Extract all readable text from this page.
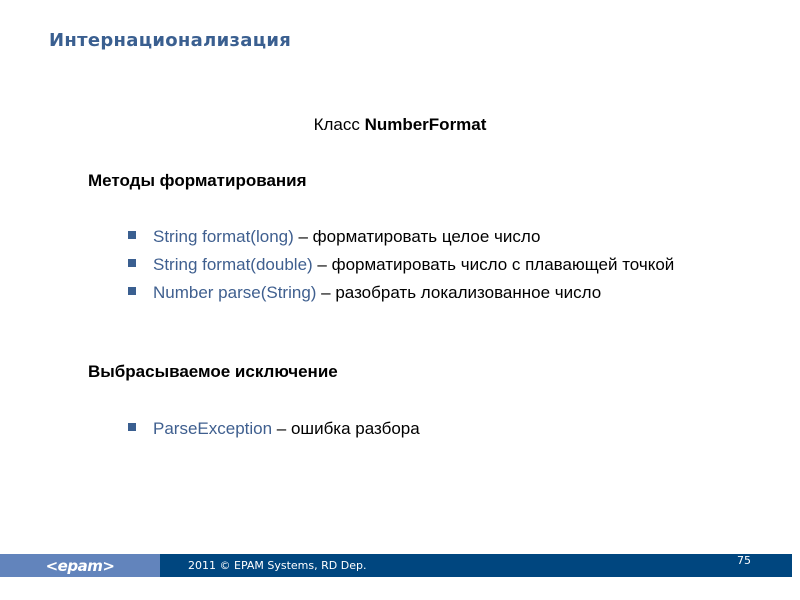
Интернационализация
Класс NumberFormat
Методы форматирования
String format(long) – форматировать целое число
String format(double) – форматировать число с плавающей точкой
Number parse(String) – разобрать локализованное число
Выбрасываемое исключение
ParseException – ошибка разбора
<epam>	2011 © EPAM Systems, RD Dep.	75
